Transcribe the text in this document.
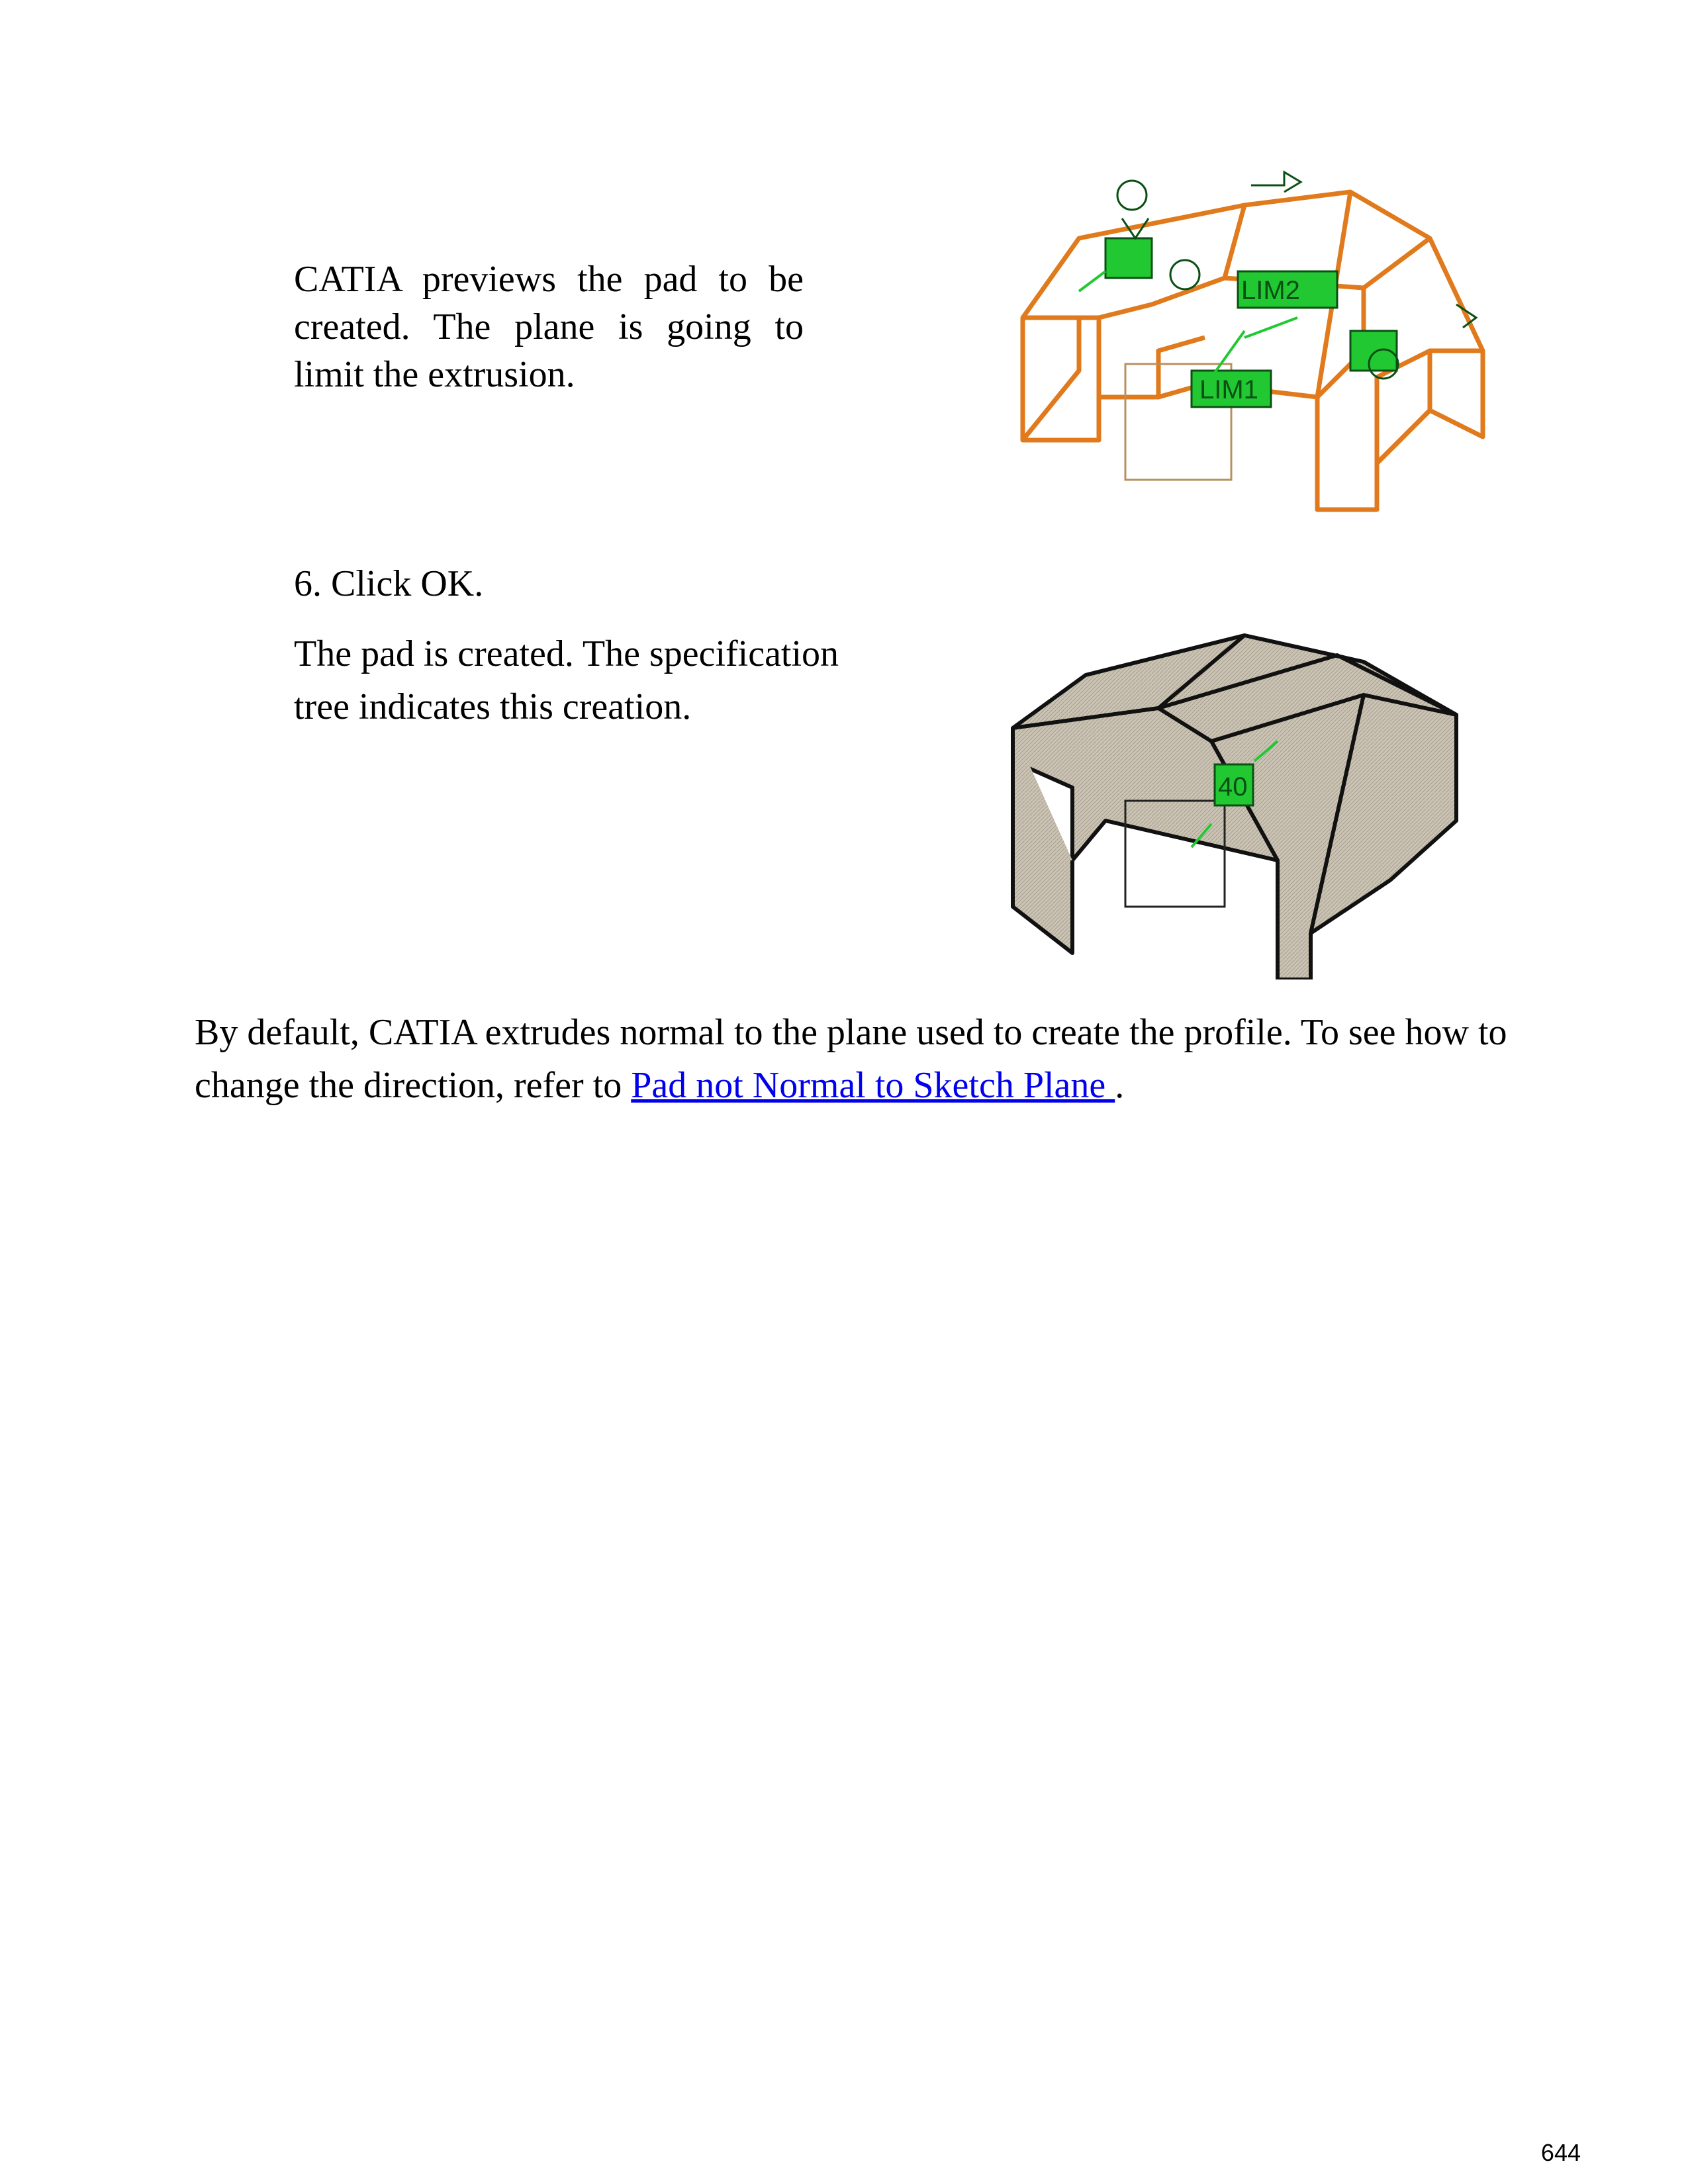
CATIA previews the pad to be created. The plane is going to limit the extrusion.
6. Click OK.
The pad is created. The specification tree indicates this creation.
By default, CATIA extrudes normal to the plane used to create the profile. To see how to change the direction, refer to Pad not Normal to Sketch Plane .
LIM2
LIM1
40
644
